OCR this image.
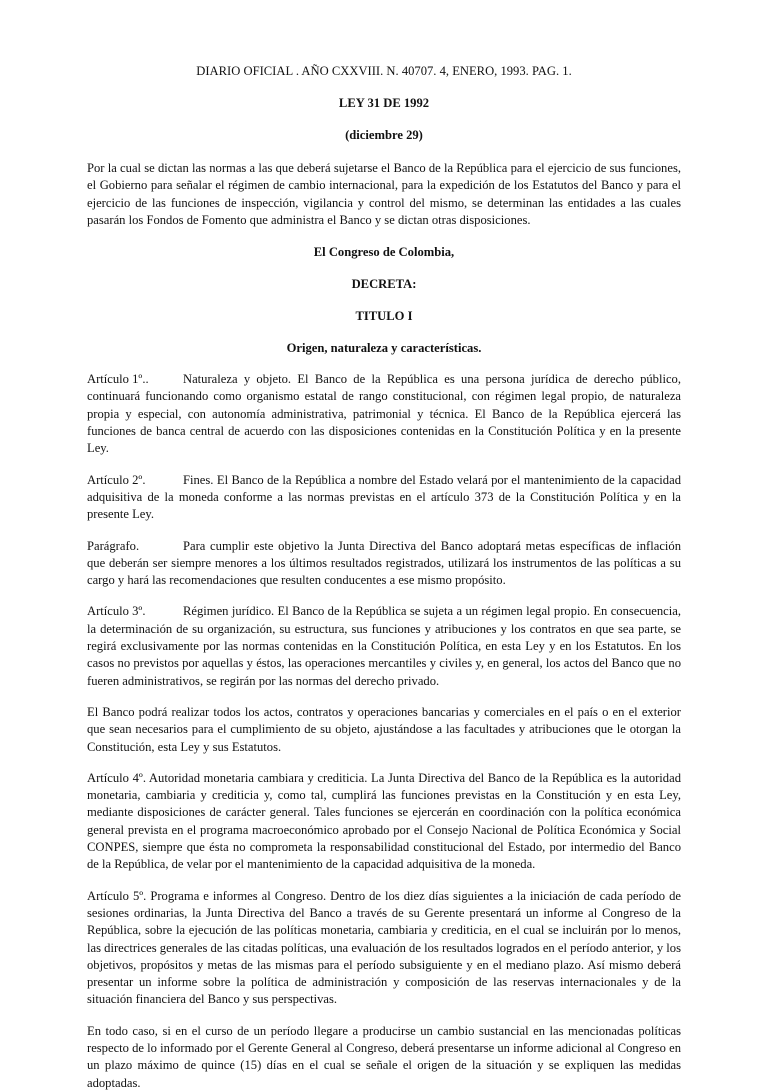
DIARIO OFICIAL . AÑO CXXVIII. N. 40707. 4, ENERO, 1993. PAG. 1.

LEY 31 DE 1992

(diciembre 29)

Por la cual se dictan las normas a las que deberá sujetarse el Banco de la República para el ejercicio de sus funciones, el Gobierno para señalar el régimen de cambio internacional, para la expedición de los Estatutos del Banco y para el ejercicio de las funciones de inspección, vigilancia y control del mismo, se determinan las entidades a las cuales pasarán los Fondos de Fomento que administra el Banco y se dictan otras disposiciones.

El Congreso de Colombia,

DECRETA:

TITULO I

Origen, naturaleza y características.

Artículo 1º..	Naturaleza y objeto. El Banco de la República es una persona jurídica de derecho público, continuará funcionando como organismo estatal de rango constitucional, con régimen legal propio, de naturaleza propia y especial, con autonomía administrativa, patrimonial y técnica. El Banco de la República ejercerá las funciones de banca central de acuerdo con las disposiciones contenidas en la Constitución Política y en la presente Ley.

Artículo 2º.	Fines. El Banco de la República a nombre del Estado velará por el mantenimiento de la capacidad adquisitiva de la moneda conforme a las normas previstas en el artículo 373 de la Constitución Política y en la presente Ley.

Parágrafo.	Para cumplir este objetivo la Junta Directiva del Banco adoptará metas específicas de inflación que deberán ser siempre menores a los últimos resultados registrados, utilizará los instrumentos de las políticas a su cargo y hará las recomendaciones que resulten conducentes a ese mismo propósito.

Artículo 3º.	Régimen jurídico. El Banco de la República se sujeta a un régimen legal propio. En consecuencia, la determinación de su organización, su estructura, sus funciones y atribuciones y los contratos en que sea parte, se regirá exclusivamente por las normas contenidas en la Constitución Política, en esta Ley y en los Estatutos. En los casos no previstos por aquellas y éstos, las operaciones mercantiles y civiles y, en general, los actos del Banco que no fueren administrativos, se regirán por las normas del derecho privado.

El Banco podrá realizar todos los actos, contratos y operaciones bancarias y comerciales en el país o en el exterior que sean necesarios para el cumplimiento de su objeto, ajustándose a las facultades y atribuciones que le otorgan la Constitución, esta Ley y sus Estatutos.

Artículo 4º. Autoridad monetaria cambiara y crediticia. La Junta Directiva del Banco de la República es la autoridad monetaria, cambiaria y crediticia y, como tal, cumplirá las funciones previstas en la Constitución y en esta Ley, mediante disposiciones de carácter general. Tales funciones se ejercerán en coordinación con la política económica general prevista en el programa macroeconómico aprobado por el Consejo Nacional de Política Económica y Social CONPES, siempre que ésta no comprometa la responsabilidad constitucional del Estado, por intermedio del Banco de la República, de velar por el mantenimiento de la capacidad adquisitiva de la moneda.

Artículo 5º. Programa e informes al Congreso. Dentro de los diez días siguientes a la iniciación de cada período de sesiones ordinarias, la Junta Directiva del Banco a través de su Gerente presentará un informe al Congreso de la República, sobre la ejecución de las políticas monetaria, cambiaria y crediticia, en el cual se incluirán por lo menos, las directrices generales de las citadas políticas, una evaluación de los resultados logrados en el período anterior, y los objetivos, propósitos y metas de las mismas para el período subsiguiente y en el mediano plazo. Así mismo deberá presentar un informe sobre la política de administración y composición de las reservas internacionales y de la situación financiera del Banco y sus perspectivas.

En todo caso, si en el curso de un período llegare a producirse un cambio sustancial en las mencionadas políticas respecto de lo informado por el Gerente General al Congreso, deberá presentarse un informe adicional al Congreso en un plazo máximo de quince (15) días en el cual se señale el origen de la situación y se expliquen las medidas adoptadas.
